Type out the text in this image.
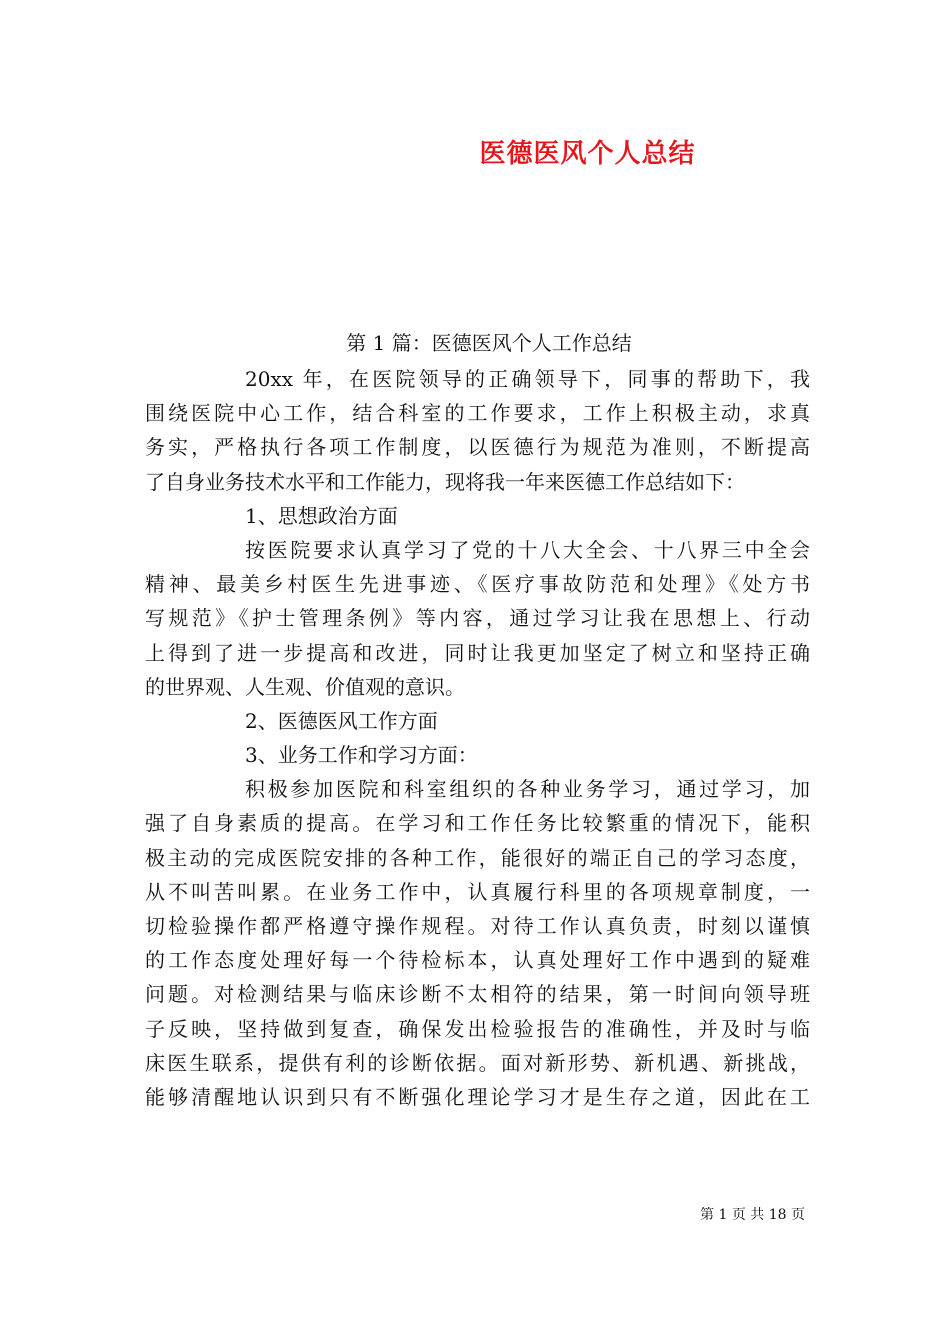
医德医风个人总结
第 1 篇：医德医风个人工作总结
20xx 年，在医院领导的正确领导下，同事的帮助下，我
围绕医院中心工作，结合科室的工作要求，工作上积极主动，求真
务实，严格执行各项工作制度，以医德行为规范为准则，不断提高
了自身业务技术水平和工作能力，现将我一年来医德工作总结如下：
1、思想政治方面
按医院要求认真学习了党的十八大全会、十八界三中全会
精神、最美乡村医生先进事迹、《医疗事故防范和处理》《处方书
写规范》《护士管理条例》等内容，通过学习让我在思想上、行动
上得到了进一步提高和改进，同时让我更加坚定了树立和坚持正确
的世界观、人生观、价值观的意识。
2、医德医风工作方面
3、业务工作和学习方面：
积极参加医院和科室组织的各种业务学习，通过学习，加
强了自身素质的提高。在学习和工作任务比较繁重的情况下，能积
极主动的完成医院安排的各种工作，能很好的端正自己的学习态度，
从不叫苦叫累。在业务工作中，认真履行科里的各项规章制度，一
切检验操作都严格遵守操作规程。对待工作认真负责，时刻以谨慎
的工作态度处理好每一个待检标本，认真处理好工作中遇到的疑难
问题。对检测结果与临床诊断不太相符的结果，第一时间向领导班
子反映，坚持做到复查，确保发出检验报告的准确性，并及时与临
床医生联系，提供有利的诊断依据。面对新形势、新机遇、新挑战，
能够清醒地认识到只有不断强化理论学习才是生存之道，因此在工
第 1 页 共 18 页
